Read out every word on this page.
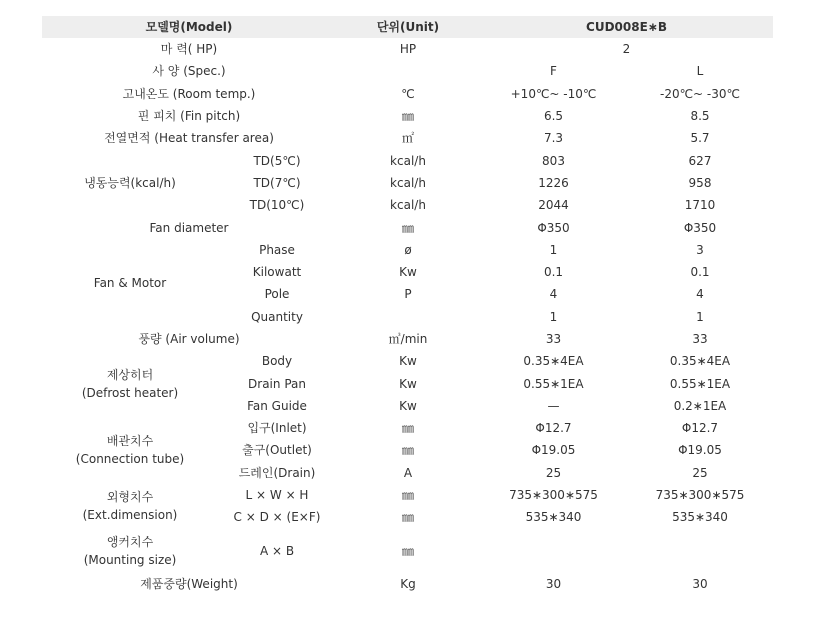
모델명(Model)		단위(Unit)	CUD008E∗B	
마 력( HP)		HP	2	
사 양 (Spec.)			F	L
고내온도 (Room temp.)		℃	+10℃~ -10℃	-20℃~ -30℃
핀 피치 (Fin pitch)		㎜	6.5	8.5
전열면적 (Heat transfer area)		㎡	7.3	5.7
냉동능력(kcal/h)	TD(5℃)	kcal/h	803	627
	TD(7℃)	kcal/h	1226	958
	TD(10℃)	kcal/h	2044	1710
Fan diameter		㎜	Φ350	Φ350
Fan & Motor	Phase	ø	1	3
	Kilowatt	Kw	0.1	0.1
	Pole	P	4	4
	Quantity		1	1
풍량 (Air volume)		㎥/min	33	33

제상히터
(Defrost heater)	Body	Kw	0.35∗4EA	0.35∗4EA
	Drain Pan	Kw	0.55∗1EA	0.55∗1EA
	Fan Guide	Kw	—	0.2∗1EA

배관치수
(Connection tube)	입구(Inlet)	㎜	Φ12.7	Φ12.7
	출구(Outlet)	㎜	Φ19.05	Φ19.05
	드레인(Drain)	A	25	25

외형치수
(Ext.dimension)	L × W × H	㎜	735∗300∗575	735∗300∗575
	C × D × (E×F)	㎜	535∗340	535∗340

앵커치수
(Mounting size)	A × B	㎜		
제품중량(Weight)		Kg	30	30
